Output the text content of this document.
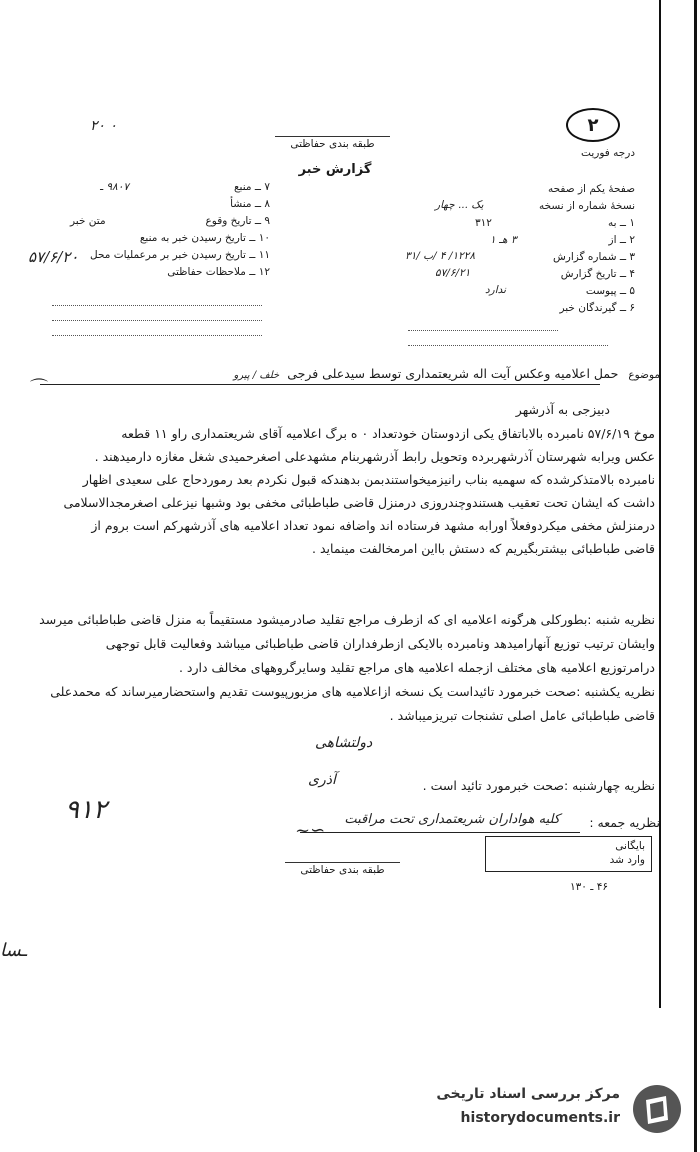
۲۰ ۰	۲
درجه فوریت
طبقه بندی حفاظتی
گزارش خبر
۷ ــ منبع
۹۸۰۷ ـ
۸ ــ منشأ
۹ ــ تاریخ وقوع
متن خبر
۱۰ ــ تاریخ رسیدن خبر به منبع
۱۱ ــ تاریخ رسیدن خبر بر مرعملیات محل
۱۲ ــ ملاحظات حفاظتی
۵۷/۶/۲۰
صفحهٔ یکم از صفحه
نسخهٔ شماره از نسخه
یک ... چهار
۱ ــ به
۳۱۲
۲ ــ از
۳ هـ ۱
۳ ــ شماره گزارش
۱۲۲۸/ ۴ /ب /۳۱
۴ ــ تاریخ گزارش
۵۷/۶/۲۱
۵ ــ پیوست
ندارد
۶ ــ گیرندگان خبر
موضوع حمل اعلامیه وعکس آیت اله شریعتمداری توسط سیدعلی فرجی خلف / پیرو
⌒
دبیزجی به آذرشهر
موخ ۵۷/۶/۱۹ نامبرده بالاباتفاق یکی ازدوستان خودتعداد ۰ ه برگ اعلامیه آقای شریعتمداری راو ۱۱ قطعه
عکس ویرابه شهرستان آذرشهربرده وتحویل رابط آذرشهربنام مشهدعلی اصغرحمیدی شغل مغازه دارمیدهند .
نامبرده بالامتذکرشده که سهمیه بناب رانیزمیخواستندبمن بدهندکه قبول نکردم بعد رموردحاج علی سعیدی اظهار
داشت که ایشان تحت تعقیب هستندوچندروزی درمنزل قاضی طباطبائی مخفی بود وشبها نیزعلی اصغرمجدالاسلامی
درمنزلش مخفی میکردوفعلاً اورابه مشهد فرستاده اند واضافه نمود تعداد اعلامیه های آذرشهرکم است بروم از
قاضی طباطبائی بیشتربگیریم که دستش بااین امرمخالفت مینماید .
نظریه شنبه :بطورکلی هرگونه اعلامیه ای که ازطرف مراجع تقلید صادرمیشود مستقیماً به منزل قاضی طباطبائی میرسد
وایشان ترتیب توزیع آنهارامیدهد ونامبرده بالایکی ازطرفداران قاضی طباطبائی میباشد وفعالیت قابل توجهی
درامرتوزیع اعلامیه های مختلف ازجمله اعلامیه های مراجع تقلید وسایرگروههای مخالف دارد .
نظریه یکشنبه :صحت خبرمورد تائیداست یک نسخه ازاعلامیه های مزبورپیوست تقدیم واستحضارمیرساند که محمدعلی
قاضی طباطبائی عامل اصلی تشنجات تبریزمیباشد .
دولتشاهی
نظریه چهارشنبه :صحت خبرمورد تائید است .
آذری
۹۱۲	نظریه جمعه :
کلیه هواداران شریعتمداری تحت مراقبت
~∽
بایگانی
وارد شد
طبقه بندی حفاظتی
۴۶ ـ ۱۳۰
ـسا
مرکز بررسی اسناد تاریخی
historydocuments.ir
